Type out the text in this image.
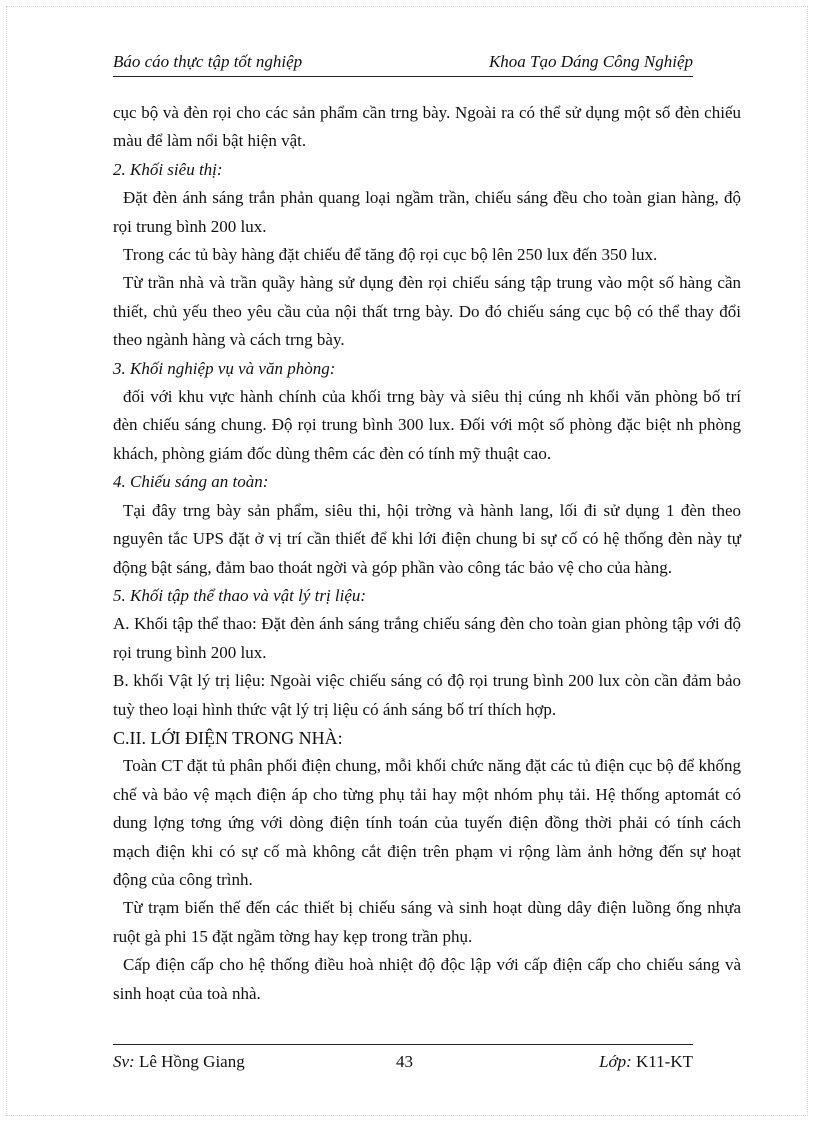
Báo cáo thực tập tốt nghiệp	Khoa Tạo Dáng Công Nghiệp

cục bộ và đèn rọi cho các sản phẩm cần trng bày. Ngoài ra có thể sử dụng một số đèn chiếu màu để làm nổi bật hiện vật.

2. Khối siêu thị:

Đặt đèn ánh sáng trắn phản quang loại ngầm trần, chiếu sáng đều cho toàn gian hàng, độ rọi trung bình 200 lux.

Trong các tủ bày hàng đặt chiếu để tăng độ rọi cục bộ lên 250 lux đến 350 lux.

Từ trần nhà và trần quầy hàng sử dụng đèn rọi chiếu sáng tập trung vào một số hàng cần thiết, chủ yếu theo yêu cầu của nội thất trng bày. Do đó chiếu sáng cục bộ có thể thay đổi theo ngành hàng và cách trng bày.

3. Khối nghiệp vụ và văn phòng:

đối với khu vực hành chính của khối trng bày và siêu thị cúng nh khối văn phòng bố trí đèn chiếu sáng chung. Độ rọi trung bình 300 lux. Đối với một số phòng đặc biệt nh phòng khách, phòng giám đốc dùng thêm các đèn có tính mỹ thuật cao.

4. Chiếu sáng an toàn:

Tại đây trng bày sản phẩm, siêu thi, hội trờng và hành lang, lối đi sử dụng 1 đèn theo nguyên tắc UPS đặt ở vị trí cần thiết để khi lới điện chung bi sự cố có hệ thống đèn này tự động bật sáng, đảm bao thoát ngời và góp phần vào công tác bảo vệ cho của hàng.

5. Khối tập thể thao và vật lý trị liệu:

A. Khối tập thể thao: Đặt đèn ánh sáng trắng chiếu sáng đèn cho toàn gian phòng tập với độ rọi trung bình 200 lux.

B. khối Vật lý trị liệu: Ngoài việc chiếu sáng có độ rọi trung bình 200 lux còn cần đảm bảo tuỳ theo loại hình thức vật lý trị liệu có ánh sáng bố trí thích hợp.

C.II. LỚI ĐIỆN TRONG NHÀ:

Toàn CT đặt tủ phân phối điện chung, mỗi khối chức năng đặt các tủ điện cục bộ để khống chế và bảo vệ mạch điện áp cho từng phụ tải hay một nhóm phụ tải. Hệ thống aptomát có dung lợng tơng ứng với dòng điện tính toán của tuyến điện đồng thời phải có tính cách mạch điện khi có sự cố mà không cắt điện trên phạm vi rộng làm ảnh hởng đến sự hoạt động của công trình.

Từ trạm biến thế đến các thiết bị chiếu sáng và sinh hoạt dùng dây điện luồng ống nhựa ruột gà phi 15 đặt ngầm tờng hay kẹp trong trần phụ.

Cấp điện cấp cho hệ thống điều hoà nhiệt độ độc lập với cấp điện cấp cho chiếu sáng và sinh hoạt của toà nhà.

Sv: Lê Hồng Giang	43	Lớp: K11-KT
